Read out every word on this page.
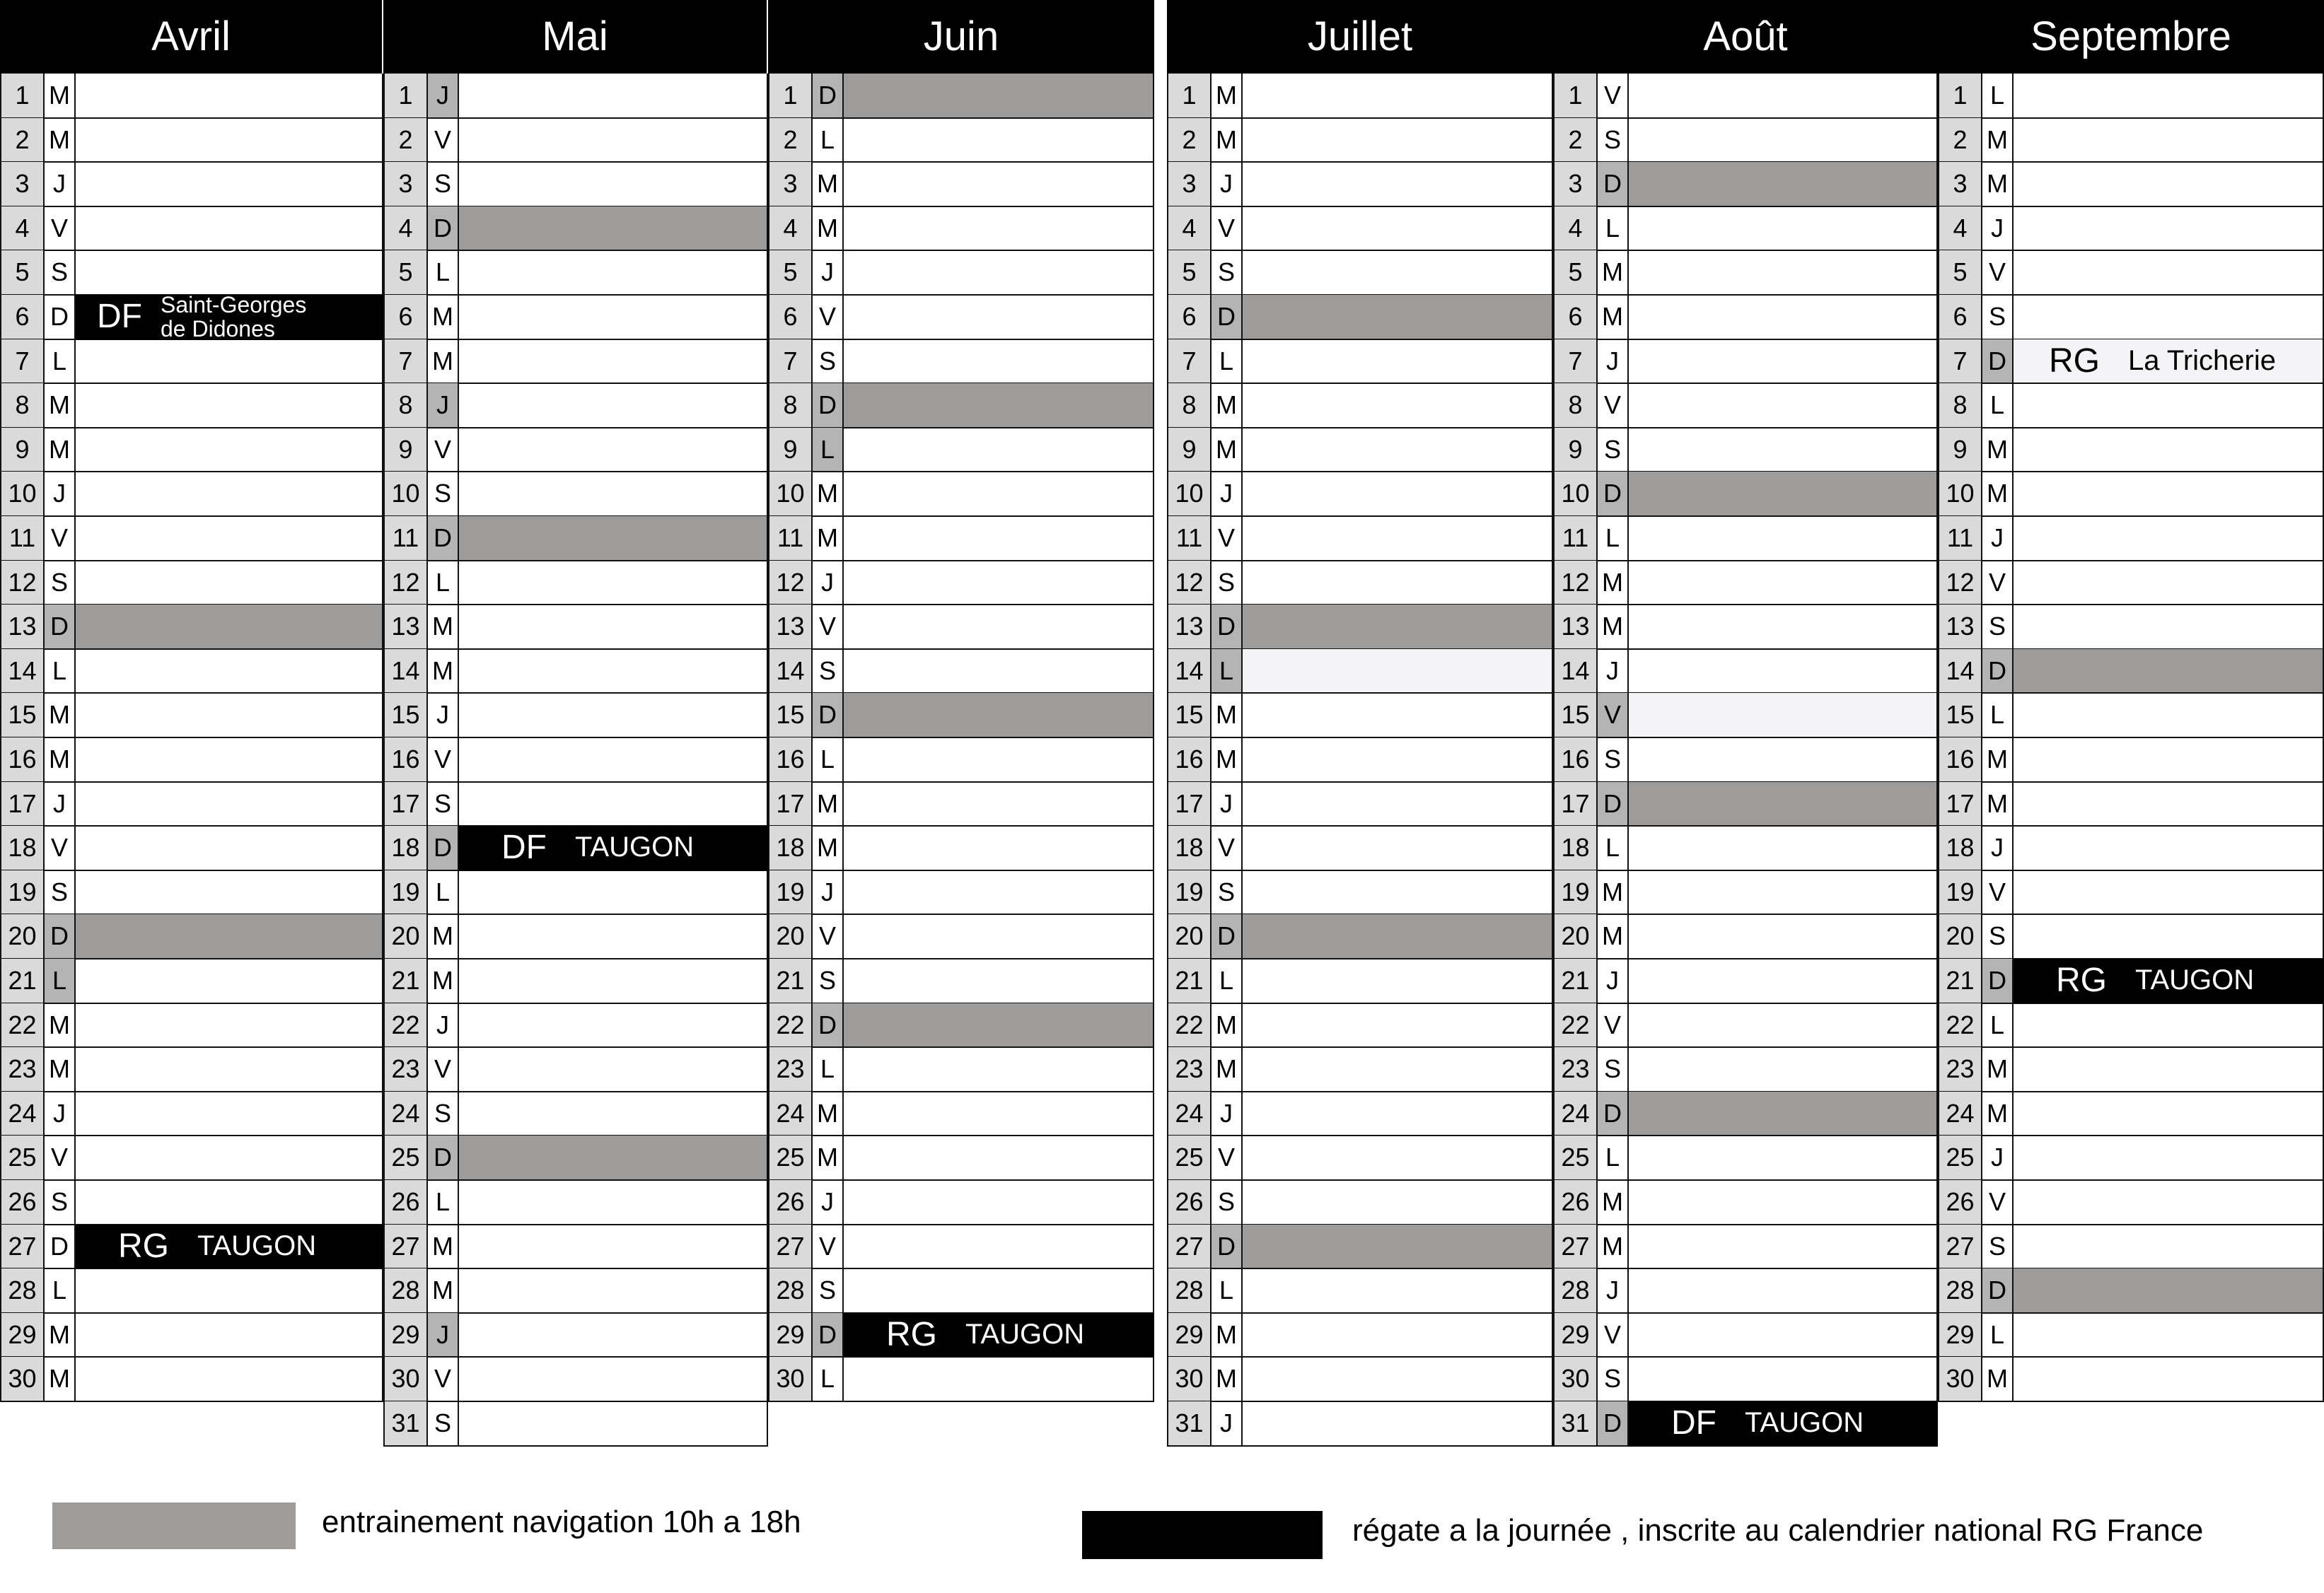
Avril
1 M
2 M
3 J
4 V
5 S
6 D DF Saint-Georges
de Didones
7 L
8 M
9 M
10 J
11 V
12 S
13 D
14 L
15 M
16 M
17 J
18 V
19 S
20 D
21 L
22 M
23 M
24 J
25 V
26 S
27 D RG TAUGON
28 L
29 M
30 M
Mai
1 J
2 V
3 S
4 D
5 L
6 M
7 M
8 J
9 V
10 S
11 D
12 L
13 M
14 M
15 J
16 V
17 S
18 D DF TAUGON
19 L
20 M
21 M
22 J
23 V
24 S
25 D
26 L
27 M
28 M
29 J
30 V
31 S
Juin
1 D
2 L
3 M
4 M
5 J
6 V
7 S
8 D
9 L
10 M
11 M
12 J
13 V
14 S
15 D
16 L
17 M
18 M
19 J
20 V
21 S
22 D
23 L
24 M
25 M
26 J
27 V
28 S
29 D RG TAUGON
30 L
Juillet
1 M
2 M
3 J
4 V
5 S
6 D
7 L
8 M
9 M
10 J
11 V
12 S
13 D
14 L
15 M
16 M
17 J
18 V
19 S
20 D
21 L
22 M
23 M
24 J
25 V
26 S
27 D
28 L
29 M
30 M
31 J
Août
1 V
2 S
3 D
4 L
5 M
6 M
7 J
8 V
9 S
10 D
11 L
12 M
13 M
14 J
15 V
16 S
17 D
18 L
19 M
20 M
21 J
22 V
23 S
24 D
25 L
26 M
27 M
28 J
29 V
30 S
31 D DF TAUGON
Septembre
1 L
2 M
3 M
4 J
5 V
6 S
7 D RG La Tricherie
8 L
9 M
10 M
11 J
12 V
13 S
14 D
15 L
16 M
17 M
18 J
19 V
20 S
21 D RG TAUGON
22 L
23 M
24 M
25 J
26 V
27 S
28 D
29 L
30 M
entrainement navigation 10h a 18h	régate a la journée , inscrite au calendrier national RG France
